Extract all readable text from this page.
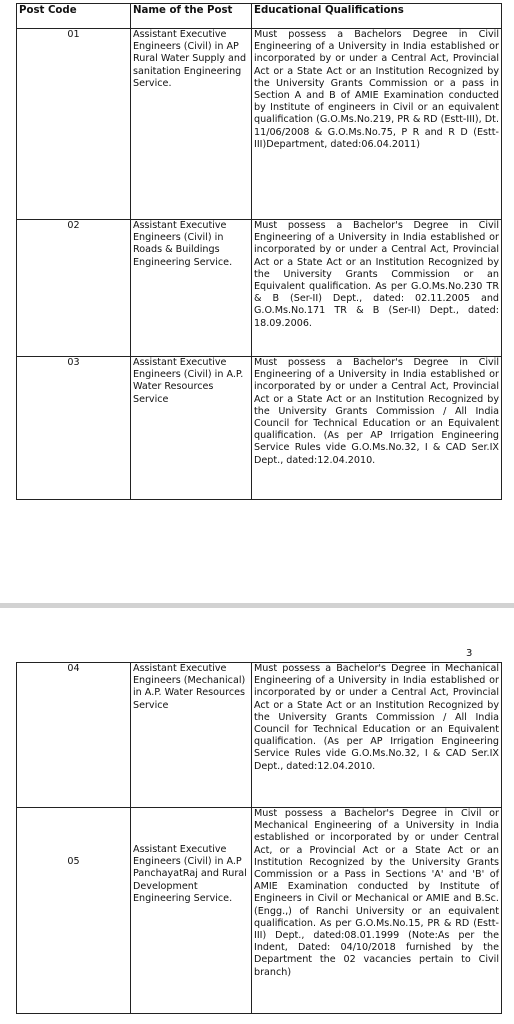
Post Code	Name of the Post	Educational Qualifications
01	Assistant Executive Engineers (Civil) in AP Rural Water Supply and sanitation Engineering Service.	Must possess a Bachelors Degree in Civil Engineering of a University in India established or incorporated by or under a Central Act, Provincial Act or a State Act or an Institution Recognized by the University Grants Commission or a pass in Section A and B of AMIE Examination conducted by Institute of engineers in Civil or an equivalent qualification (G.O.Ms.No.219, PR & RD (Estt-III), Dt. 11/06/2008 & G.O.Ms.No.75, P R and R D (Estt-III)Department, dated:06.04.2011)
02	Assistant Executive Engineers (Civil) in Roads & Buildings Engineering Service.	Must possess a Bachelor's Degree in Civil Engineering of a University in India established or incorporated by or under a Central Act, Provincial Act or a State Act or an Institution Recognized by the University Grants Commission or an Equivalent qualification. As per G.O.Ms.No.230 TR & B (Ser-II) Dept., dated: 02.11.2005 and G.O.Ms.No.171 TR & B (Ser-II) Dept., dated: 18.09.2006.
03	Assistant Executive Engineers (Civil) in A.P. Water Resources Service	Must possess a Bachelor's Degree in Civil Engineering of a University in India established or incorporated by or under a Central Act, Provincial Act or a State Act or an Institution Recognized by the University Grants Commission / All India Council for Technical Education or an Equivalent qualification. (As per AP Irrigation Engineering Service Rules vide G.O.Ms.No.32, I & CAD Ser.IX Dept., dated:12.04.2010.
3
04	Assistant Executive Engineers (Mechanical) in A.P. Water Resources Service	Must possess a Bachelor's Degree in Mechanical Engineering of a University in India established or incorporated by or under a Central Act, Provincial Act or a State Act or an Institution Recognized by the University Grants Commission / All India Council for Technical Education or an Equivalent qualification. (As per AP Irrigation Engineering Service Rules vide G.O.Ms.No.32, I & CAD Ser.IX Dept., dated:12.04.2010.
05	Assistant Executive Engineers (Civil) in A.P PanchayatRaj and Rural Development Engineering Service.	Must possess a Bachelor's Degree in Civil or Mechanical Engineering of a University in India established or incorporated by or under Central Act, or a Provincial Act or a State Act or an Institution Recognized by the University Grants Commission or a Pass in Sections 'A' and 'B' of AMIE Examination conducted by Institute of Engineers in Civil or Mechanical or AMIE and B.Sc. (Engg.,) of Ranchi University or an equivalent qualification. As per G.O.Ms.No.15, PR & RD (Estt-III) Dept., dated:08.01.1999 (Note:As per the Indent, Dated: 04/10/2018 furnished by the Department the 02 vacancies pertain to Civil branch)
